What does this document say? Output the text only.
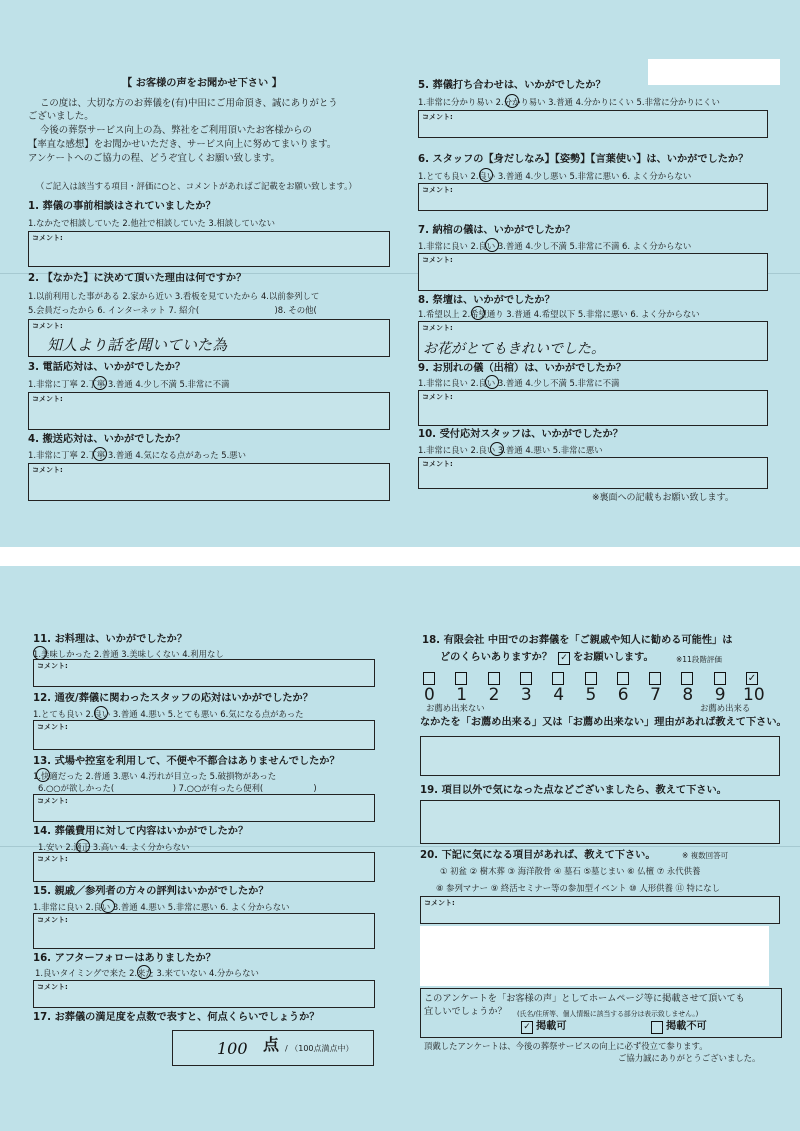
【 お客様の声をお聞かせ下さい 】
この度は、大切な方のお葬儀を(有)中田にご用命頂き、誠にありがとう
ございました。
今後の葬祭サービス向上の為、弊社をご利用頂いたお客様からの
【率直な感想】をお聞かせいただき、サービス向上に努めてまいります。
アンケートへのご協力の程、どうぞ宜しくお願い致します。
（ご記入は該当する項目・評価に○と、コメントがあればご記載をお願い致します。）
1. 葬儀の事前相談はされていましたか？
1.なかたで相談していた 2.他社で相談していた 3.相談していない
コメント:
2. 【なかた】に決めて頂いた理由は何ですか？
1.以前利用した事がある 2.家から近い 3.看板を見ていたから 4.以前参列して
5.会員だったから 6. インターネット 7. 紹介(　　　　　　　　　)8. その他(　　　　　　
コメント:
知人より話を聞いていた為
3. 電話応対は、いかがでしたか？
1.非常に丁寧 2.丁寧 3.普通 4.少し不満 5.非常に不満
コメント:
4. 搬送応対は、いかがでしたか？
1.非常に丁寧 2.丁寧 3.普通 4.気になる点があった 5.悪い
コメント:
5. 葬儀打ち合わせは、いかがでしたか？
1.非常に分かり易い 2.分かり易い 3.普通 4.分かりにくい 5.非常に分かりにくい
コメント:
6. スタッフの【身だしなみ】【姿勢】【言葉使い】は、いかがでしたか？
1.とても良い 2.良い 3.普通 4.少し悪い 5.非常に悪い 6. よく分からない
コメント:
7. 納棺の儀は、いかがでしたか？
1.非常に良い 2.良い 3.普通 4.少し不満 5.非常に不満 6. よく分からない
コメント:
8. 祭壇は、いかがでしたか？
1.希望以上 2.希望通り 3.普通 4.希望以下 5.非常に悪い 6. よく分からない
コメント:
お花がとてもきれいでした。
9. お別れの儀（出棺）は、いかがでしたか？
1.非常に良い 2.良い 3.普通 4.少し不満 5.非常に不満
コメント:
10. 受付応対スタッフは、いかがでしたか？
1.非常に良い 2.良い 3.普通 4.悪い 5.非常に悪い
コメント:
※裏面への記載もお願い致します。
11. お料理は、いかがでしたか？
1.美味しかった 2.普通 3.美味しくない 4.利用なし
コメント:
12. 通夜/葬儀に関わったスタッフの応対はいかがでしたか？
1.とても良い 2.良い 3.普通 4.悪い 5.とても悪い 6.気になる点があった
コメント:
13. 式場や控室を利用して、不便や不都合はありませんでしたか？
1.快適だった 2.普通 3.悪い 4.汚れが目立った 5.破損物があった
6.○○が欲しかった(　　　　　　　) 7.○○が有ったら便利(　　　　　　)
コメント:
14. 葬儀費用に対して内容はいかがでしたか？
1.安い 2.適正 3.高い 4. よく分からない
コメント:
15. 親戚／参列者の方々の評判はいかがでしたか？
1.非常に良い 2.良い 3.普通 4.悪い 5.非常に悪い 6. よく分からない
コメント:
16. アフターフォローはありましたか？
1.良いタイミングで来た 2.来た 3.来ていない 4.分からない
コメント:
17. お葬儀の満足度を点数で表すと、何点くらいでしょうか？
100 点 / （100点満点中）
18. 有限会社 中田でのお葬儀を「ご親戚や知人に勧める可能性」は
どのくらいありますか？ ✓ をお願いします。	※11段階評価
0 1 2 3 4 5 6 7 8 9
✓
10
お薦め出来ない	お薦め出来る
なかたを「お薦め出来る」又は「お薦め出来ない」理由があれば教えて下さい。
19. 項目以外で気になった点などございましたら、教えて下さい。
20. 下記に気になる項目があれば、教えて下さい。	※ 複数回答可
① 初盆 ② 樹木葬 ③ 海洋散骨 ④ 墓石 ⑤墓じまい ⑥ 仏檀 ⑦ 永代供養
⑧ 参列マナー ⑨ 終活セミナー等の参加型イベント ⑩ 人形供養 ⑪ 特になし
コメント:
このアンケートを「お客様の声」としてホームページ等に掲載させて頂いても
宜しいでしょうか？ (氏名/住所等、個人情報に該当する部分は表示致しません。)
✓ 掲載可	掲載不可
頂戴したアンケートは、今後の葬祭サービスの向上に必ず役立て参ります。
ご協力誠にありがとうございました。
